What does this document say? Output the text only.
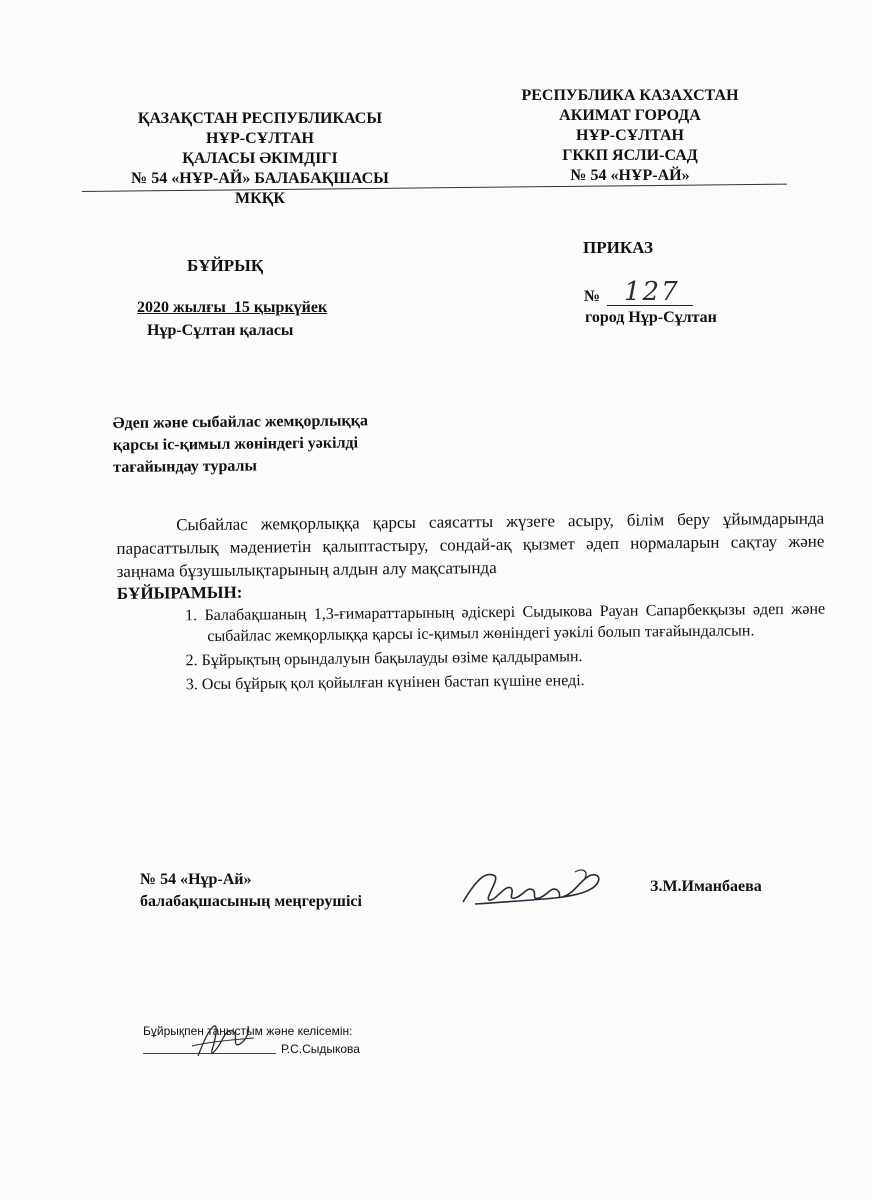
ҚАЗАҚСТАН РЕСПУБЛИКАСЫ
НҰР-СҰЛТАН
ҚАЛАСЫ ӘКІМДІГІ
№ 54 «НҰР-АЙ» БАЛАБАҚШАСЫ
МКҚК
РЕСПУБЛИКА КАЗАХСТАН
АКИМАТ ГОРОДА
НҰР-СҰЛТАН
ГККП ЯСЛИ-САД
№ 54 «НҰР-АЙ»
БҰЙРЫҚ
ПРИКАЗ
2020 жылғы  15 қыркүйек
Нұр-Сұлтан қаласы
№ 127
город Нұр-Сұлтан
Әдеп және сыбайлас жемқорлыққа
қарсы іс-қимыл жөніндегі уәкілді
тағайындау туралы
Сыбайлас жемқорлыққа қарсы саясатты жүзеге асыру, білім беру ұйымдарында парасаттылық мәдениетін қалыптастыру, сондай-ақ қызмет әдеп нормаларын сақтау және заңнама бұзушылықтарының алдын алу мақсатында
БҰЙЫРАМЫН:
1. Балабақшаның 1,3-ғимараттарының әдіскері Сыдыкова Рауан Сапарбекқызы әдеп және сыбайлас жемқорлыққа қарсы іс-қимыл жөніндегі уәкілі болып тағайындалсын.
2. Бұйрықтың орындалуын бақылауды өзіме қалдырамын.
3. Осы бұйрық қол қойылған күнінен бастап күшіне енеді.
№ 54 «Нұр-Ай»
балабақшасының меңгерушісі
З.М.Иманбаева
Бұйрықпен таныстым және келісемін:
Р.С.Сыдыкова
